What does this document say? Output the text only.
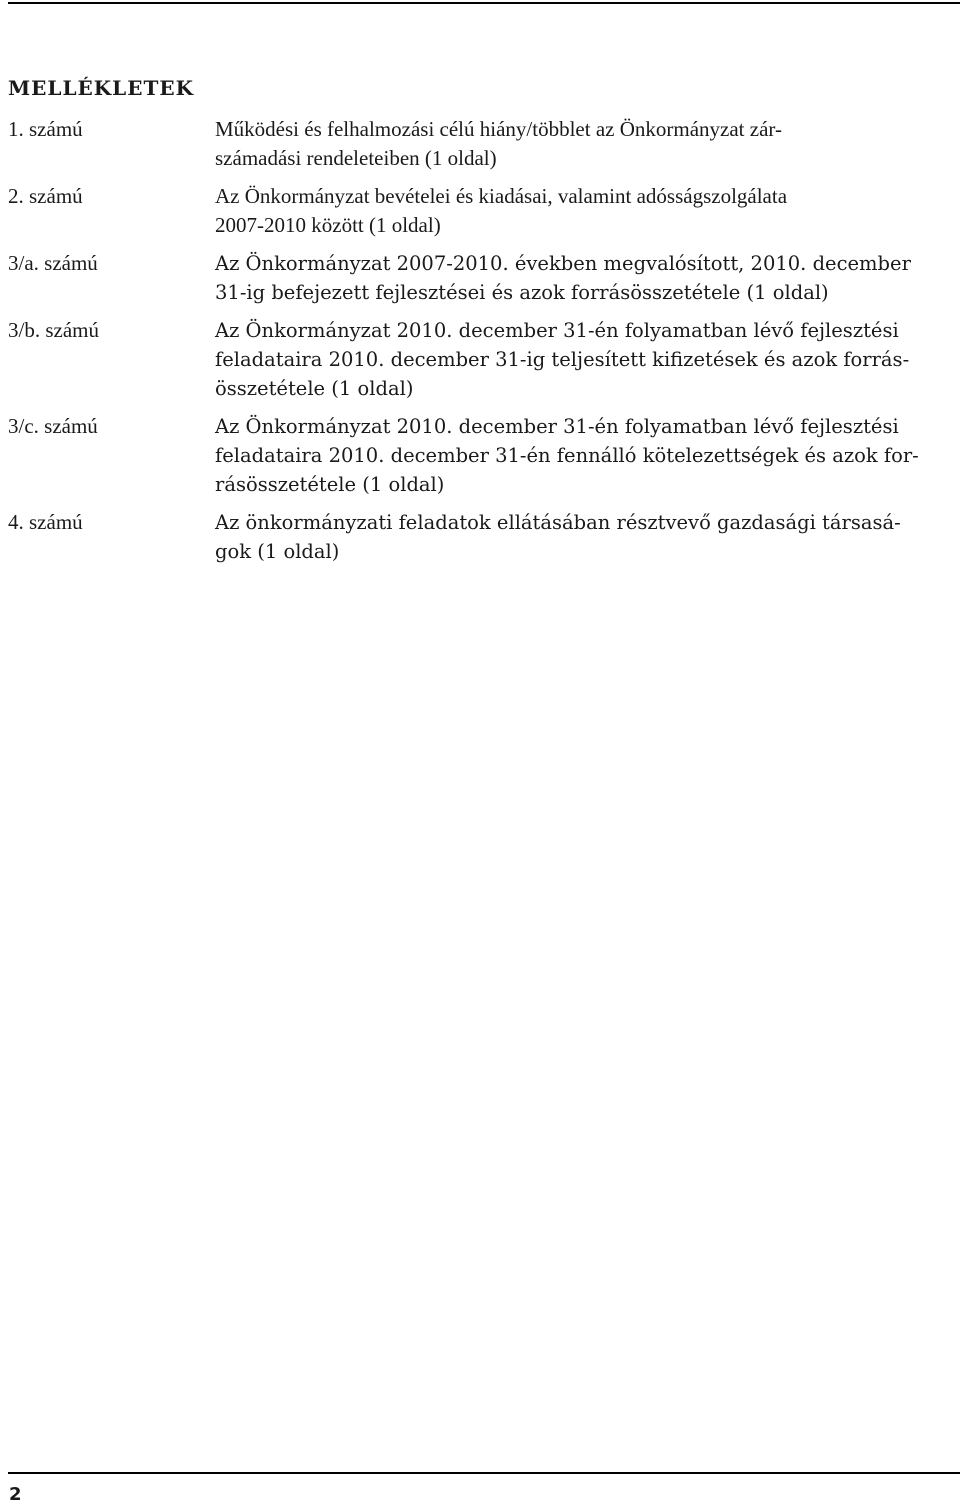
MELLÉKLETEK
1. számú	Működési és felhalmozási célú hiány/többlet az Önkormányzat zár-
számadási rendeleteiben (1 oldal)
2. számú	Az Önkormányzat bevételei és kiadásai, valamint adósságszolgálata
2007-2010 között (1 oldal)
3/a. számú	Az Önkormányzat 2007-2010. években megvalósított, 2010. december
31-ig befejezett fejlesztései és azok forrásösszetétele (1 oldal)
3/b. számú	Az Önkormányzat 2010. december 31-én folyamatban lévő fejlesztési
feladataira 2010. december 31-ig teljesített kifizetések és azok forrás-
összetétele (1 oldal)
3/c. számú	Az Önkormányzat 2010. december 31-én folyamatban lévő fejlesztési
feladataira 2010. december 31-én fennálló kötelezettségek és azok for-
rásösszetétele (1 oldal)
4. számú	Az önkormányzati feladatok ellátásában résztvevő gazdasági társasá-
gok (1 oldal)
2
